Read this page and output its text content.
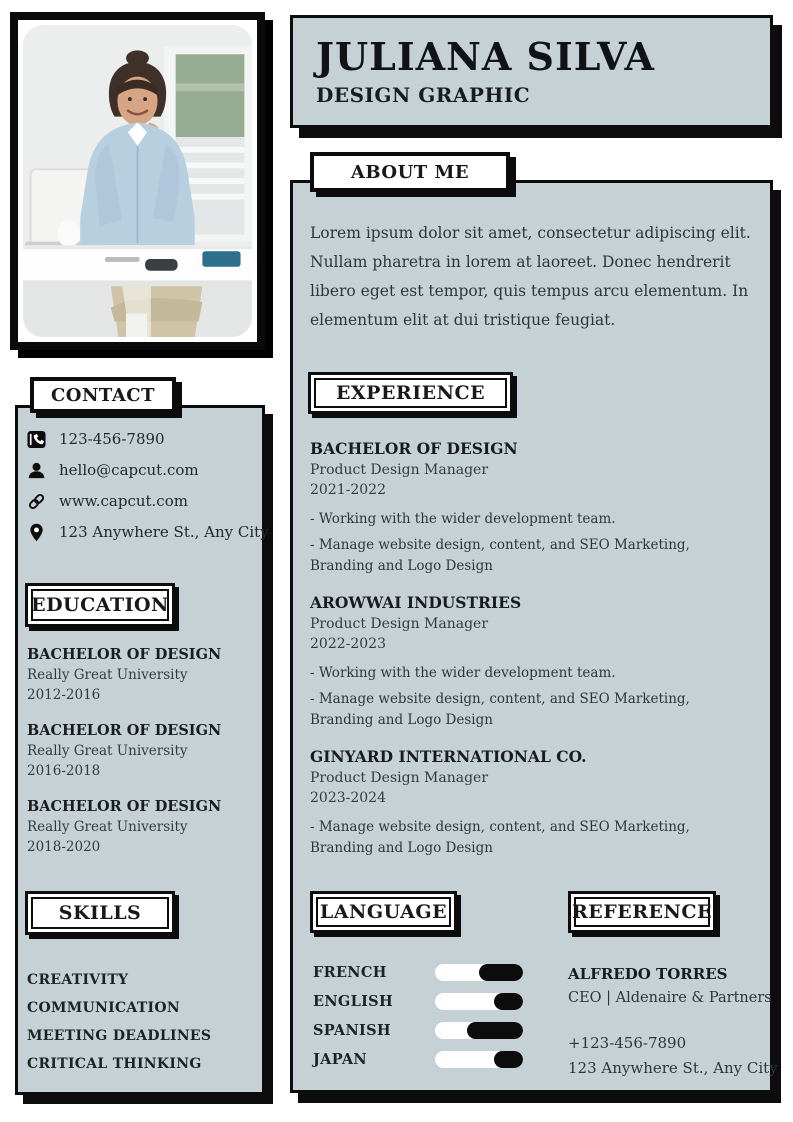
CONTACT
123-456-7890
hello@capcut.com
www.capcut.com
123 Anywhere St., Any City
EDUCATION
BACHELOR OF DESIGN
Really Great University
2012-2016
BACHELOR OF DESIGN
Really Great University
2016-2018
BACHELOR OF DESIGN
Really Great University
2018-2020
SKILLS
CREATIVITY
COMMUNICATION
MEETING DEADLINES
CRITICAL THINKING
JULIANA SILVA
DESIGN GRAPHIC
ABOUT ME

Lorem ipsum dolor sit amet, consectetur adipiscing elit. Nullam pharetra in lorem at laoreet. Donec hendrerit libero eget est tempor, quis tempus arcu elementum. In elementum elit at dui tristique feugiat.

EXPERIENCE
BACHELOR OF DESIGN
Product Design Manager
2021-2022
- Working with the wider development team.
- Manage website design, content, and SEO Marketing, Branding and Logo Design
AROWWAI INDUSTRIES
Product Design Manager
2022-2023
- Working with the wider development team.
- Manage website design, content, and SEO Marketing, Branding and Logo Design
GINYARD INTERNATIONAL CO.
Product Design Manager
2023-2024
- Manage website design, content, and SEO Marketing, Branding and Logo Design
LANGUAGE
FRENCH
ENGLISH
SPANISH
JAPAN
REFERENCE
ALFREDO TORRES
CEO | Aldenaire & Partners
+123-456-7890
123 Anywhere St., Any City
